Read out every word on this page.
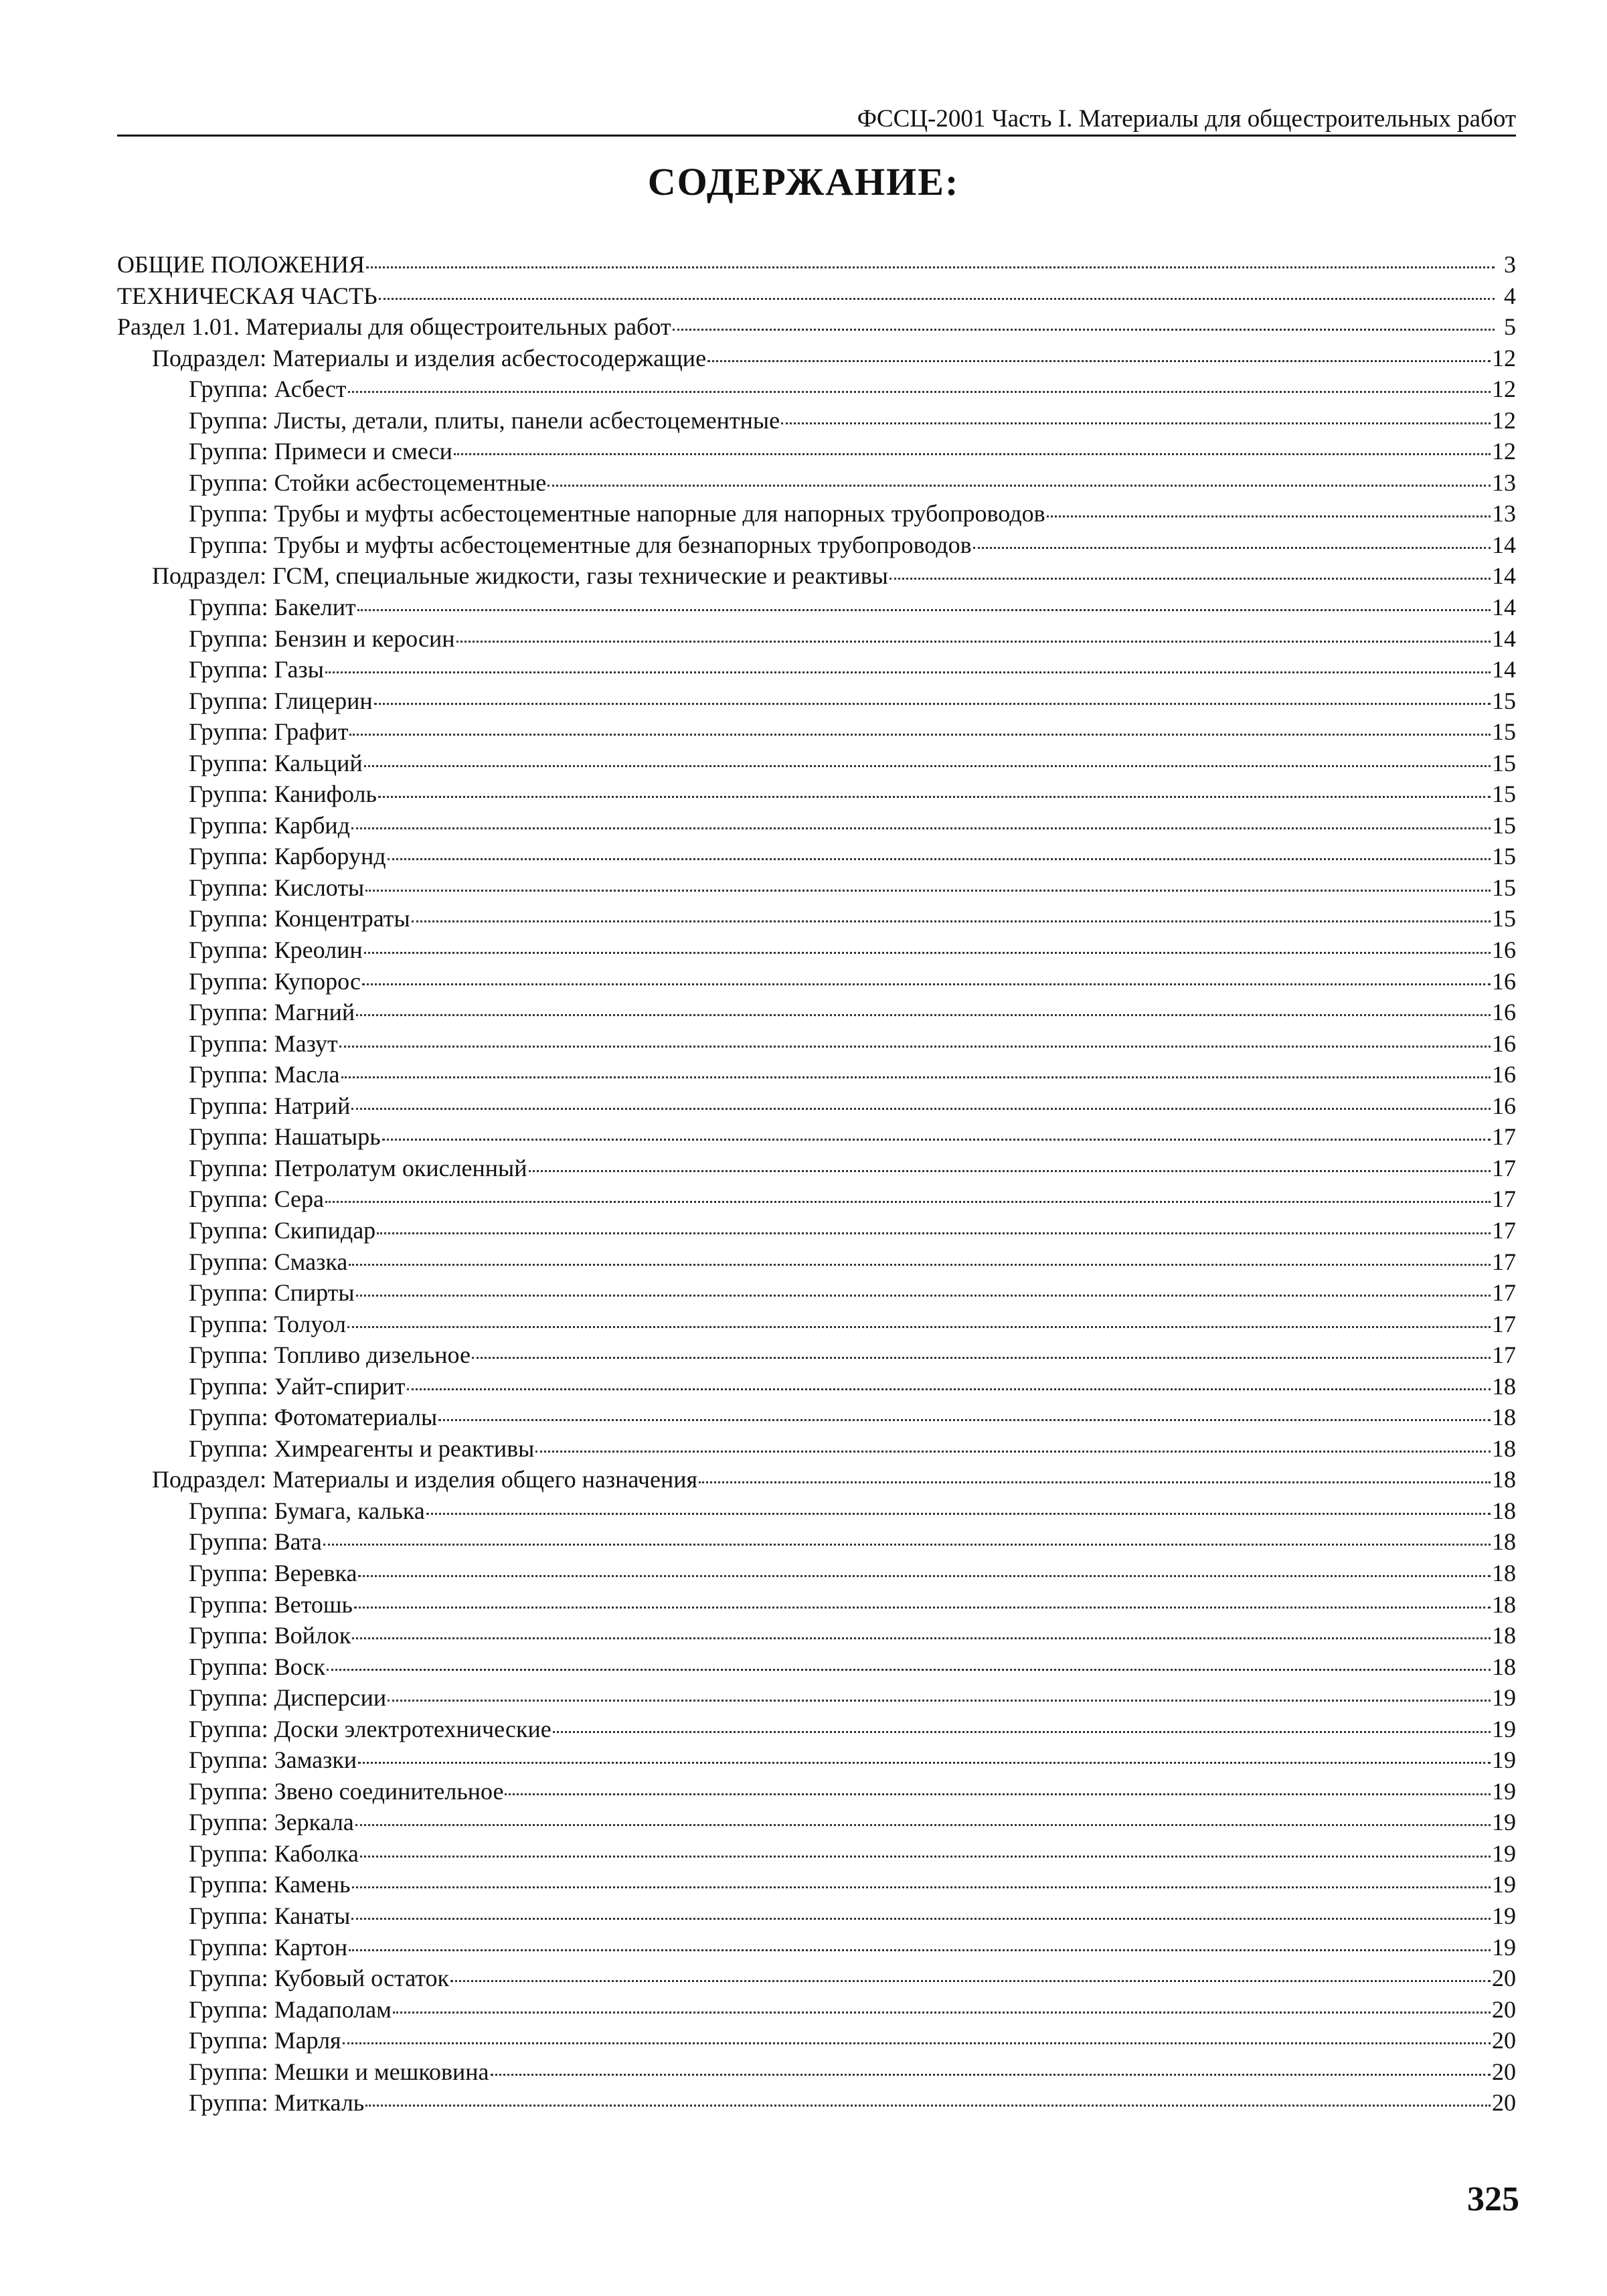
ФССЦ-2001 Часть I. Материалы для общестроительных работ
СОДЕРЖАНИЕ:
ОБЩИЕ ПОЛОЖЕНИЯ	3
ТЕХНИЧЕСКАЯ ЧАСТЬ	4
Раздел 1.01. Материалы для общестроительных работ	5
Подраздел: Материалы и изделия асбестосодержащие	12
Группа: Асбест	12
Группа: Листы, детали, плиты, панели асбестоцементные	12
Группа: Примеси и смеси	12
Группа: Стойки асбестоцементные	13
Группа: Трубы и муфты асбестоцементные напорные для напорных трубопроводов	13
Группа: Трубы и муфты асбестоцементные для безнапорных трубопроводов	14
Подраздел: ГСМ, специальные жидкости, газы технические и реактивы	14
Группа: Бакелит	14
Группа: Бензин и керосин	14
Группа: Газы	14
Группа: Глицерин	15
Группа: Графит	15
Группа: Кальций	15
Группа: Канифоль	15
Группа: Карбид	15
Группа: Карборунд	15
Группа: Кислоты	15
Группа: Концентраты	15
Группа: Креолин	16
Группа: Купорос	16
Группа: Магний	16
Группа: Мазут	16
Группа: Масла	16
Группа: Натрий	16
Группа: Нашатырь	17
Группа: Петролатум окисленный	17
Группа: Сера	17
Группа: Скипидар	17
Группа: Смазка	17
Группа: Спирты	17
Группа: Толуол	17
Группа: Топливо дизельное	17
Группа: Уайт-спирит	18
Группа: Фотоматериалы	18
Группа: Химреагенты и реактивы	18
Подраздел: Материалы и изделия общего назначения	18
Группа: Бумага, калька	18
Группа: Вата	18
Группа: Веревка	18
Группа: Ветошь	18
Группа: Войлок	18
Группа: Воск	18
Группа: Дисперсии	19
Группа: Доски электротехнические	19
Группа: Замазки	19
Группа: Звено соединительное	19
Группа: Зеркала	19
Группа: Каболка	19
Группа: Камень	19
Группа: Канаты	19
Группа: Картон	19
Группа: Кубовый остаток	20
Группа: Мадаполам	20
Группа: Марля	20
Группа: Мешки и мешковина	20
Группа: Миткаль	20
325
